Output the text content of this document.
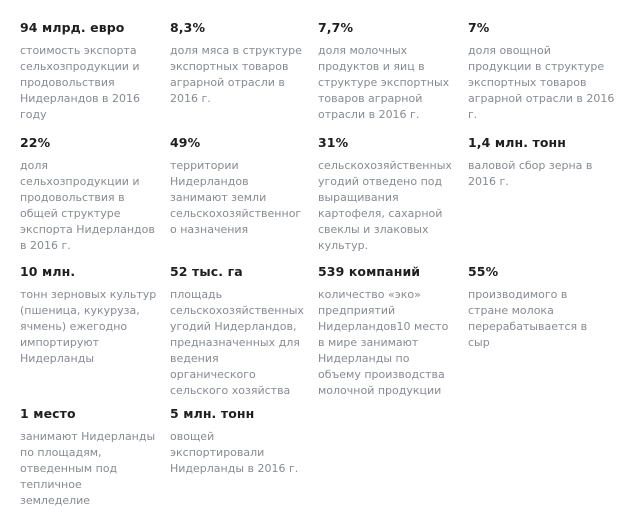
94 млрд. евро
стоимость экспорта
сельхозпродукции и
продовольствия
Нидерландов в 2016
году
8,3%
доля мяса в структуре
экспортных товаров
аграрной отрасли в
2016 г.
7,7%
доля молочных
продуктов и яиц в
структуре экспортных
товаров аграрной
отрасли в 2016 г.
7%
доля овощной
продукции в структуре
экспортных товаров
аграрной отрасли в 2016
г.
22%
доля
сельхозпродукции и
продовольствия в
общей структуре
экспорта Нидерландов
в 2016 г.
49%
территории
Нидерландов
занимают земли
сельскохозяйственног
о назначения
31%
сельскохозяйственных
угодий отведено под
выращивания
картофеля, сахарной
свеклы и злаковых
культур.
1,4 млн. тонн
валовой сбор зерна в
2016 г.
10 млн.
тонн зерновых культур
(пшеница, кукуруза,
ячмень) ежегодно
импортируют
Нидерланды
52 тыс. га
площадь
сельскохозяйственных
угодий Нидерландов,
предназначенных для
ведения
органического
сельского хозяйства
539 компаний
количество «эко»
предприятий
Нидерландов10 место
в мире занимают
Нидерланды по
объему производства
молочной продукции
55%
производимого в
стране молока
перерабатывается в
сыр
1 место
занимают Нидерланды
по площадям,
отведенным под
тепличное
земледелие
5 млн. тонн
овощей
экспортировали
Нидерланды в 2016 г.
